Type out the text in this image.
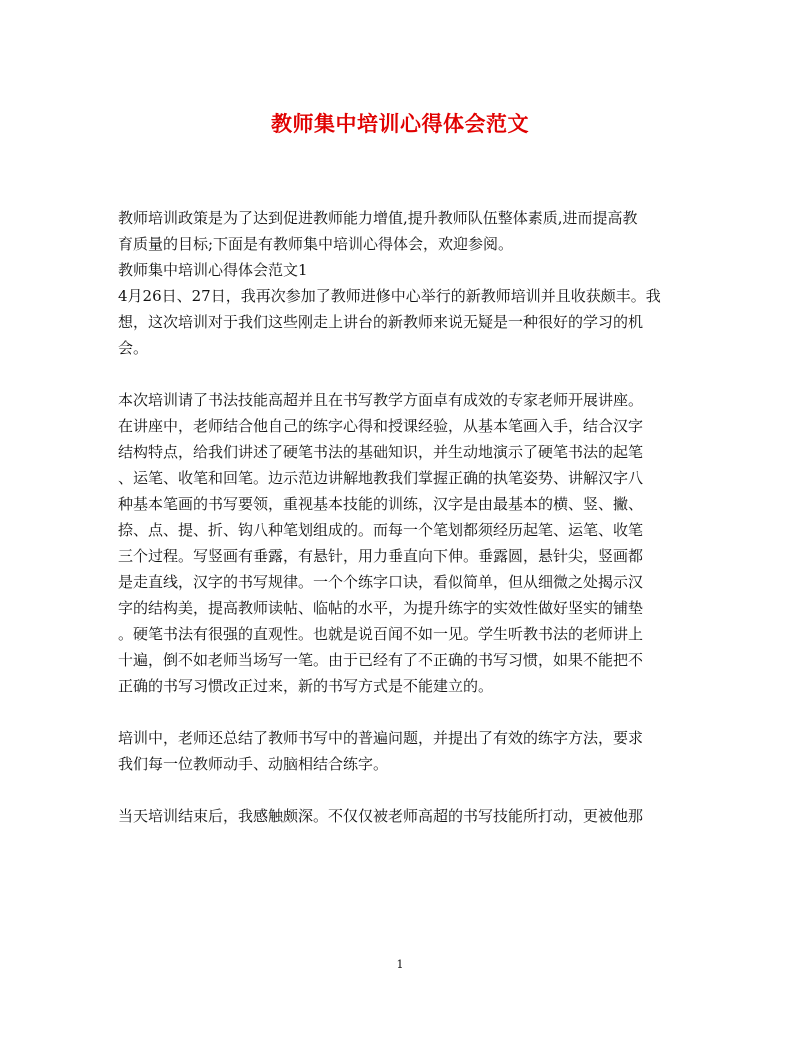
教师集中培训心得体会范文
教师培训政策是为了达到促进教师能力增值,提升教师队伍整体素质,进而提高教
育质量的目标;下面是有教师集中培训心得体会，欢迎参阅。
教师集中培训心得体会范文1
4月26日、27日，我再次参加了教师进修中心举行的新教师培训并且收获颇丰。我
想，这次培训对于我们这些刚走上讲台的新教师来说无疑是一种很好的学习的机
会。
本次培训请了书法技能高超并且在书写教学方面卓有成效的专家老师开展讲座。
在讲座中，老师结合他自己的练字心得和授课经验，从基本笔画入手，结合汉字
结构特点，给我们讲述了硬笔书法的基础知识，并生动地演示了硬笔书法的起笔
、运笔、收笔和回笔。边示范边讲解地教我们掌握正确的执笔姿势、讲解汉字八
种基本笔画的书写要领，重视基本技能的训练，汉字是由最基本的横、竖、撇、
捺、点、提、折、钩八种笔划组成的。而每一个笔划都须经历起笔、运笔、收笔
三个过程。写竖画有垂露，有悬针，用力垂直向下伸。垂露圆，悬针尖，竖画都
是走直线，汉字的书写规律。一个个练字口诀，看似简单，但从细微之处揭示汉
字的结构美，提高教师读帖、临帖的水平，为提升练字的实效性做好坚实的铺垫
。硬笔书法有很强的直观性。也就是说百闻不如一见。学生听教书法的老师讲上
十遍，倒不如老师当场写一笔。由于已经有了不正确的书写习惯，如果不能把不
正确的书写习惯改正过来，新的书写方式是不能建立的。
培训中，老师还总结了教师书写中的普遍问题，并提出了有效的练字方法，要求
我们每一位教师动手、动脑相结合练字。
当天培训结束后，我感触颇深。不仅仅被老师高超的书写技能所打动，更被他那
1
